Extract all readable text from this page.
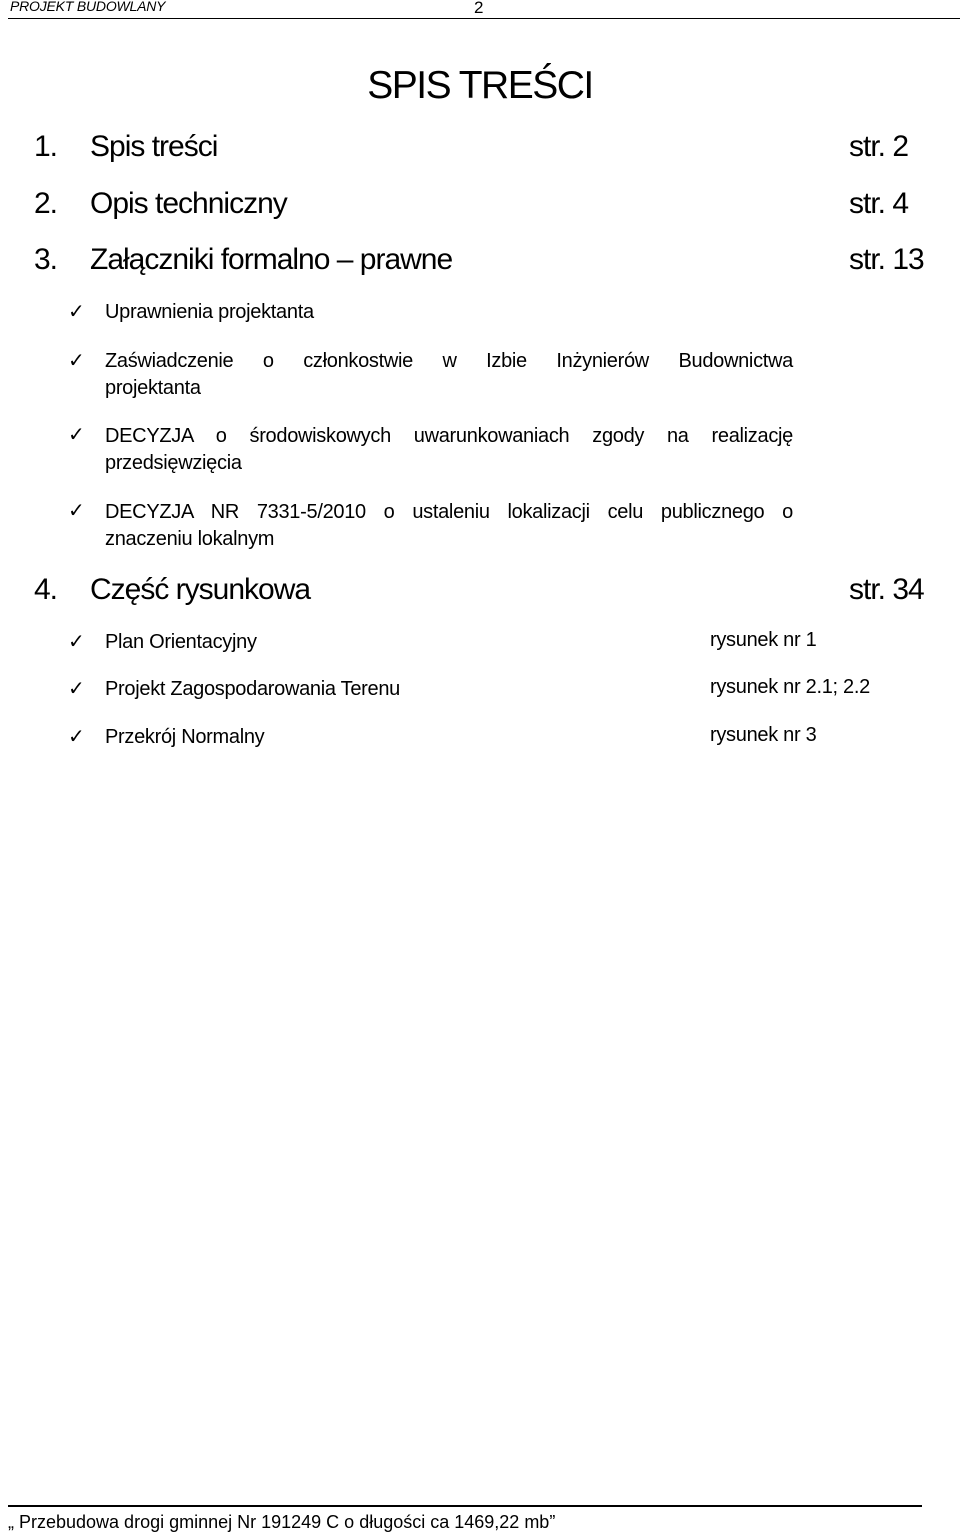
PROJEKT BUDOWLANY	2
SPIS TREŚCI
1. Spis treści	str. 2
2. Opis techniczny	str. 4
3. Załączniki formalno – prawne	str. 13
✓ Uprawnienia projektanta
✓ Zaświadczenie o członkostwie w Izbie Inżynierów Budownictwa
projektanta
✓ DECYZJA o środowiskowych uwarunkowaniach zgody na realizację
przedsięwzięcia
✓ DECYZJA NR 7331-5/2010 o ustaleniu lokalizacji celu publicznego o
znaczeniu lokalnym
4. Część rysunkowa	str. 34
✓ Plan Orientacyjny	rysunek nr 1
✓ Projekt Zagospodarowania Terenu	rysunek nr 2.1; 2.2
✓ Przekrój Normalny	rysunek nr 3
„ Przebudowa drogi gminnej Nr 191249 C o długości ca 1469,22 mb”
